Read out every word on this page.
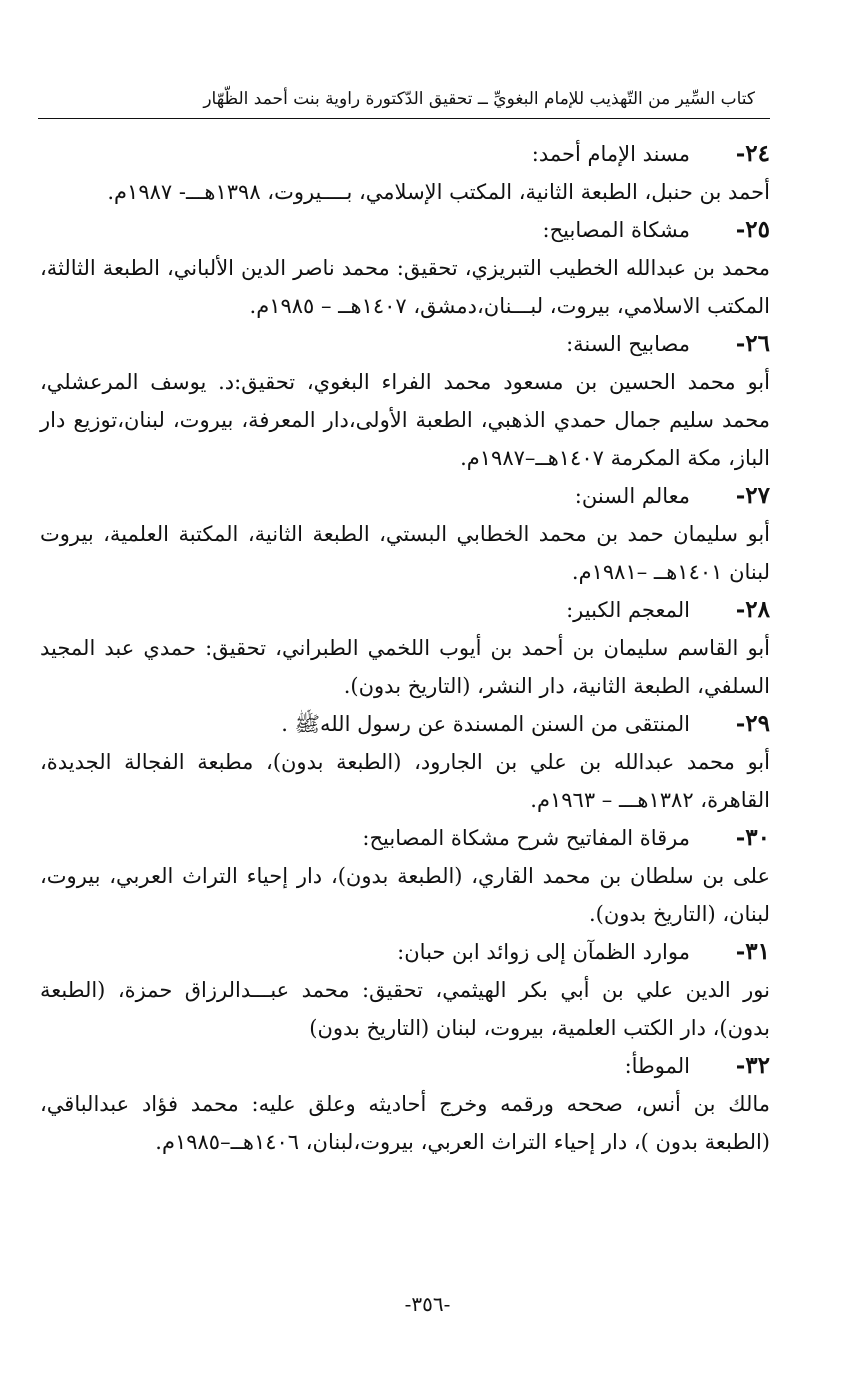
كتاب السِّير من التّهذيب للإمام البغويِّ ــ تحقيق الدّكتورة راوية بنت أحمد الظّهّار
٢٤-
مسند الإمام أحمد:

أحمد بن حنبل، الطبعة الثانية، المكتب الإسلامي، بــــيروت، ١٣٩٨هـــ- ١٩٨٧م.

٢٥-
مشكاة المصابيح:

محمد بن عبدالله الخطيب التبريزي، تحقيق: محمد ناصر الدين الألباني، الطبعة الثالثة، المكتب الاسلامي، بيروت، لبـــنان،دمشق، ١٤٠٧هــ – ١٩٨٥م.

٢٦-
مصابيح السنة:

أبو محمد الحسين بن مسعود محمد الفراء البغوي، تحقيق:د. يوسف المرعشلي، محمد سليم جمال حمدي الذهبي، الطعبة الأولى،دار المعرفة، بيروت، لبنان،توزيع دار الباز، مكة المكرمة ١٤٠٧هــ–١٩٨٧م.

٢٧-
معالم السنن:

أبو سليمان حمد بن محمد الخطابي البستي، الطبعة الثانية، المكتبة العلمية، بيروت لبنان ١٤٠١هــ –١٩٨١م.

٢٨-
المعجم الكبير:

أبو القاسم سليمان بن أحمد بن أيوب اللخمي الطبراني، تحقيق: حمدي عبد المجيد السلفي، الطبعة الثانية، دار النشر، (التاريخ بدون).

٢٩-
المنتقى من السنن المسندة عن رسول اللهﷺ .

أبو محمد عبدالله بن علي بن الجارود، (الطبعة بدون)، مطبعة الفجالة الجديدة، القاهرة، ١٣٨٢هـــ – ١٩٦٣م.

٣٠-
مرقاة المفاتيح شرح مشكاة المصابيح:

على بن سلطان بن محمد القاري، (الطبعة بدون)، دار إحياء التراث العربي، بيروت، لبنان، (التاريخ بدون).

٣١-
موارد الظمآن إلى زوائد ابن حبان:

نور الدين علي بن أبي بكر الهيثمي، تحقيق: محمد عبـــدالرزاق حمزة، (الطبعة بدون)، دار الكتب العلمية، بيروت، لبنان (التاريخ بدون)

٣٢-
الموطأ:

مالك بن أنس، صححه ورقمه وخرج أحاديثه وعلق عليه: محمد فؤاد عبدالباقي، (الطبعة بدون )، دار إحياء التراث العربي، بيروت،لبنان، ١٤٠٦هــ–١٩٨٥م.

-٣٥٦-
